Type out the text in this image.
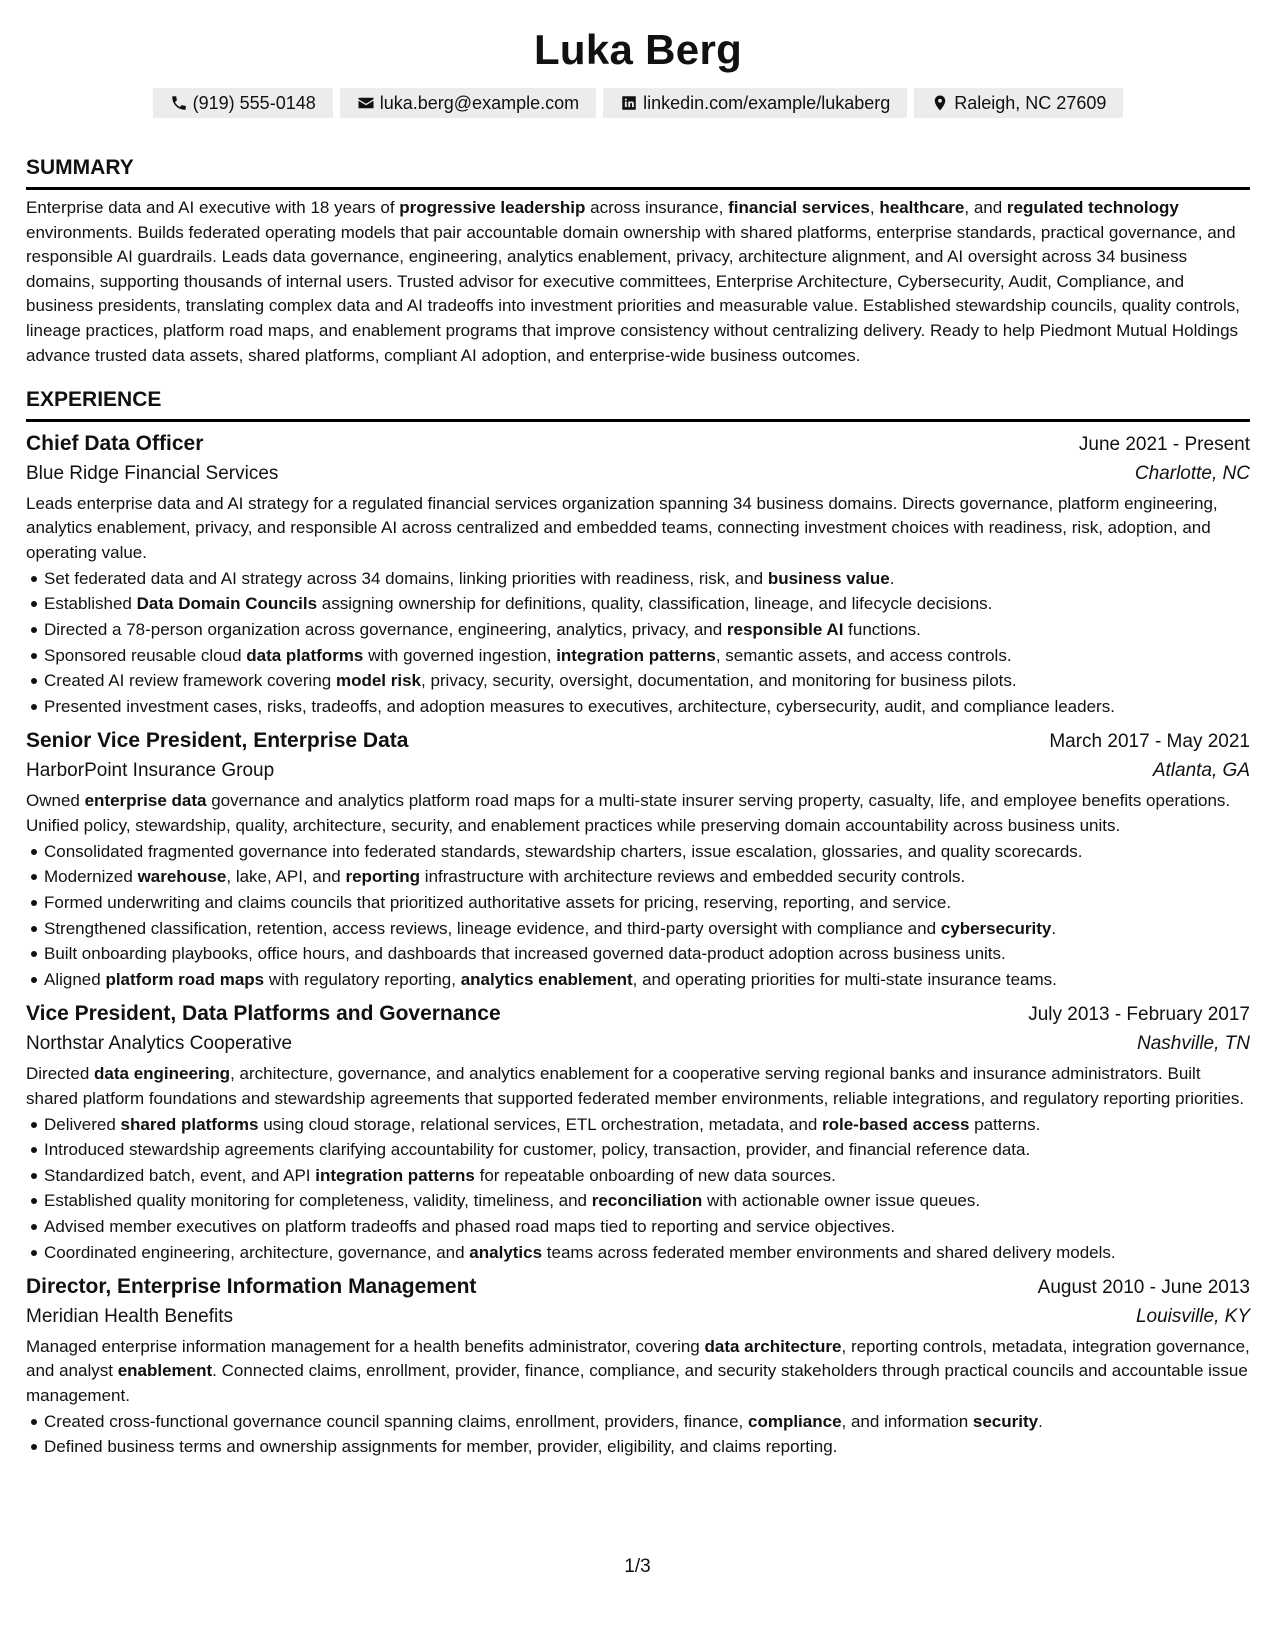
Luka Berg
(919) 555-0148	luka.berg@example.com	linkedin.com/example/lukaberg	Raleigh, NC 27609
SUMMARY

Enterprise data and AI executive with 18 years of progressive leadership across insurance, financial services, healthcare, and regulated technology environments. Builds federated operating models that pair accountable domain ownership with shared platforms, enterprise standards, practical governance, and responsible AI guardrails. Leads data governance, engineering, analytics enablement, privacy, architecture alignment, and AI oversight across 34 business domains, supporting thousands of internal users. Trusted advisor for executive committees, Enterprise Architecture, Cybersecurity, Audit, Compliance, and business presidents, translating complex data and AI tradeoffs into investment priorities and measurable value. Established stewardship councils, quality controls, lineage practices, platform road maps, and enablement programs that improve consistency without centralizing delivery. Ready to help Piedmont Mutual Holdings advance trusted data assets, shared platforms, compliant AI adoption, and enterprise-wide business outcomes.

EXPERIENCE
Chief Data Officer	June 2021 - Present
Blue Ridge Financial Services	Charlotte, NC

Leads enterprise data and AI strategy for a regulated financial services organization spanning 34 business domains. Directs governance, platform engineering, analytics enablement, privacy, and responsible AI across centralized and embedded teams, connecting investment choices with readiness, risk, adoption, and operating value.

Set federated data and AI strategy across 34 domains, linking priorities with readiness, risk, and business value.
Established Data Domain Councils assigning ownership for definitions, quality, classification, lineage, and lifecycle decisions.
Directed a 78-person organization across governance, engineering, analytics, privacy, and responsible AI functions.
Sponsored reusable cloud data platforms with governed ingestion, integration patterns, semantic assets, and access controls.
Created AI review framework covering model risk, privacy, security, oversight, documentation, and monitoring for business pilots.
Presented investment cases, risks, tradeoffs, and adoption measures to executives, architecture, cybersecurity, audit, and compliance leaders.
Senior Vice President, Enterprise Data	March 2017 - May 2021
HarborPoint Insurance Group	Atlanta, GA

Owned enterprise data governance and analytics platform road maps for a multi-state insurer serving property, casualty, life, and employee benefits operations. Unified policy, stewardship, quality, architecture, security, and enablement practices while preserving domain accountability across business units.

Consolidated fragmented governance into federated standards, stewardship charters, issue escalation, glossaries, and quality scorecards.
Modernized warehouse, lake, API, and reporting infrastructure with architecture reviews and embedded security controls.
Formed underwriting and claims councils that prioritized authoritative assets for pricing, reserving, reporting, and service.
Strengthened classification, retention, access reviews, lineage evidence, and third-party oversight with compliance and cybersecurity.
Built onboarding playbooks, office hours, and dashboards that increased governed data-product adoption across business units.
Aligned platform road maps with regulatory reporting, analytics enablement, and operating priorities for multi-state insurance teams.
Vice President, Data Platforms and Governance	July 2013 - February 2017
Northstar Analytics Cooperative	Nashville, TN

Directed data engineering, architecture, governance, and analytics enablement for a cooperative serving regional banks and insurance administrators. Built shared platform foundations and stewardship agreements that supported federated member environments, reliable integrations, and regulatory reporting priorities.

Delivered shared platforms using cloud storage, relational services, ETL orchestration, metadata, and role-based access patterns.
Introduced stewardship agreements clarifying accountability for customer, policy, transaction, provider, and financial reference data.
Standardized batch, event, and API integration patterns for repeatable onboarding of new data sources.
Established quality monitoring for completeness, validity, timeliness, and reconciliation with actionable owner issue queues.
Advised member executives on platform tradeoffs and phased road maps tied to reporting and service objectives.
Coordinated engineering, architecture, governance, and analytics teams across federated member environments and shared delivery models.
Director, Enterprise Information Management	August 2010 - June 2013
Meridian Health Benefits	Louisville, KY

Managed enterprise information management for a health benefits administrator, covering data architecture, reporting controls, metadata, integration governance, and analyst enablement. Connected claims, enrollment, provider, finance, compliance, and security stakeholders through practical councils and accountable issue management.

Created cross-functional governance council spanning claims, enrollment, providers, finance, compliance, and information security.
Defined business terms and ownership assignments for member, provider, eligibility, and claims reporting.
1/3
